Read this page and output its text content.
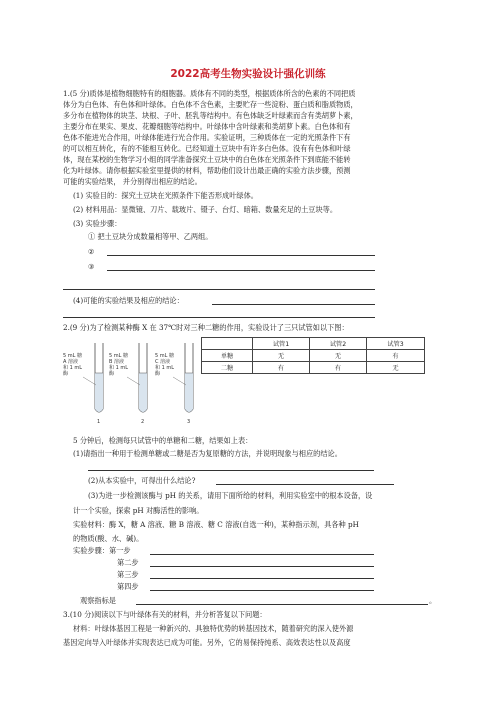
2022高考生物实验设计强化训练
1.(5 分)质体是植物细胞特有的细胞器。质体有不同的类型，根据质体所含的色素的不同把质
体分为白色体、有色体和叶绿体。白色体不含色素，主要贮存一些淀粉、蛋白质和脂质物质，
多分布在植物体的块茎、块根、子叶、胚乳等结构中。有色体缺乏叶绿素而含有类胡萝卜素，
主要分布在果实、果皮、花瓣细胞等结构中。叶绿体中含叶绿素和类胡萝卜素。白色体和有
色体不能进光合作用，叶绿体能进行光合作用。实验证明，三种质体在一定的光照条件下有
的可以相互转化，有的不能相互转化。已经知道土豆块中有许多白色体。没有有色体和叶绿
体，现在某校的生物学习小组的同学准备探究土豆块中的白色体在光照条件下到底能不能转
化为叶绿体。请你根据实验室里提供的材料，帮助他们设计出最正确的实验方法步骤，预测
可能的实验结果， 并分别得出相应的结论。
(1) 实验目的：探究土豆块在光照条件下能否形成叶绿体。
(2) 材料用品：显微镜、刀片、载玻片、镊子、台灯、暗箱、数量充足的土豆块等。
(3) 实验步骤：
① 把土豆块分成数量相等甲、乙两组。
②
③
(4)可能的实验结果及相应的结论：
2.(9 分)为了检测某种酶 X 在 37℃时对三种二糖的作用，实验设计了三只试管如以下图：
5 mL 糖
A 溶液
和 1 mL
酶
5 mL 糖
B 溶液
和 1 mL
酶
5 mL 糖
C 溶液
和 1 mL
酶
1	2	3
	试管1	试管2	试管3
单糖	无	无	有
二糖	有	有	无
5 分钟后，检测每只试管中的单糖和二糖，结果如上表：
(1)请指出一种用于检测单糖或二糖是否为复原糖的方法，并说明现象与相应的结论。
(2)从本实验中，可得出什么结论?
(3)为进一步检测该酶与 pH 的关系，请用下面所给的材料，利用实验室中的根本设备，设
计一个实验，探索 pH 对酶活性的影响。
实验材料：酶 X，糖 A 溶液、糖 B 溶液、糖 C 溶液(自选一种)，某种指示剂，具各种 pH
的物质(酸、水、碱)。
实验步骤：第一步
第二步
第三步
第四步
观察指标是	。
3.(10 分)阅读以下与叶绿体有关的材料，并分析答复以下问题：
材料：叶绿体基因工程是一种新兴的、具独特优势的转基因技术，随着研究的深入使外源
基因定向导入叶绿体并实现表达已成为可能。另外，它的易保持纯系、高效表达性以及高度
